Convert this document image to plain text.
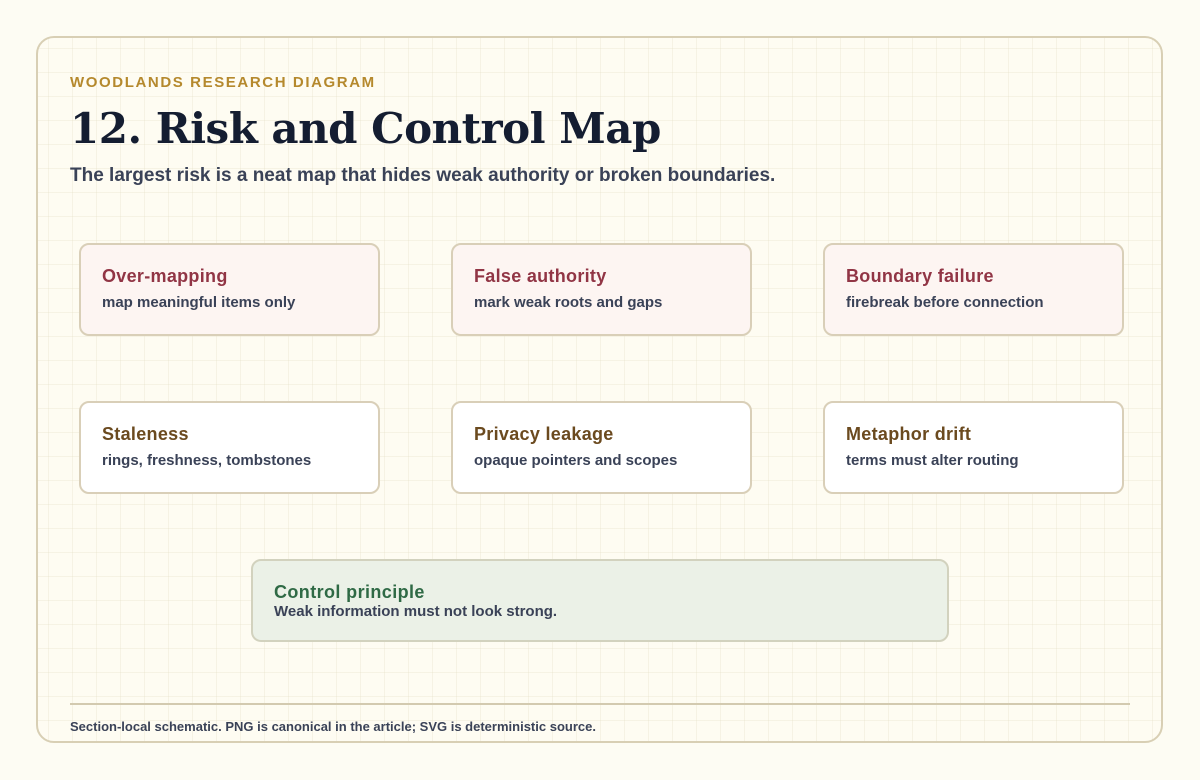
WOODLANDS RESEARCH DIAGRAM
12. Risk and Control Map
The largest risk is a neat map that hides weak authority or broken boundaries.
Over-mapping
map meaningful items only
False authority
mark weak roots and gaps
Boundary failure
firebreak before connection
Staleness
rings, freshness, tombstones
Privacy leakage
opaque pointers and scopes
Metaphor drift
terms must alter routing
Control principle
Weak information must not look strong.
Section-local schematic. PNG is canonical in the article; SVG is deterministic source.
